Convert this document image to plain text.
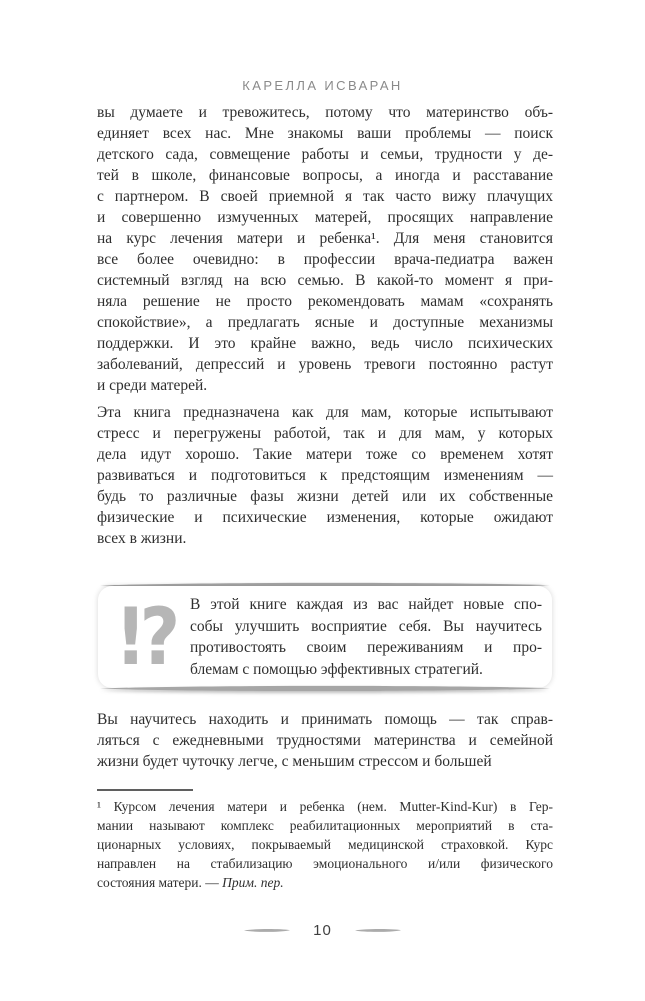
КАРЕЛЛА ИСВАРАН
вы думаете и тревожитесь, потому что материнство объ-
единяет всех нас. Мне знакомы ваши проблемы — поиск
детского сада, совмещение работы и семьи, трудности у де-
тей в школе, финансовые вопросы, а иногда и расставание
с партнером. В своей приемной я так часто вижу плачущих
и совершенно измученных матерей, просящих направление
на курс лечения матери и ребенка¹. Для меня становится
все более очевидно: в профессии врача-педиатра важен
системный взгляд на всю семью. В какой-то момент я при-
няла решение не просто рекомендовать мамам «сохранять
спокойствие», а предлагать ясные и доступные механизмы
поддержки. И это крайне важно, ведь число психических
заболеваний, депрессий и уровень тревоги постоянно растут
и среди матерей.
Эта книга предназначена как для мам, которые испытывают
стресс и перегружены работой, так и для мам, у которых
дела идут хорошо. Такие матери тоже со временем хотят
развиваться и подготовиться к предстоящим изменениям —
будь то различные фазы жизни детей или их собственные
физические и психические изменения, которые ожидают
всех в жизни.
!?	В этой книге каждая из вас найдет новые спо-
собы улучшить восприятие себя. Вы научитесь
противостоять своим переживаниям и про-
блемам с помощью эффективных стратегий.
Вы научитесь находить и принимать помощь — так справ-
ляться с ежедневными трудностями материнства и семейной
жизни будет чуточку легче, с меньшим стрессом и большей
¹ Курсом лечения матери и ребенка (нем. Mutter-Kind-Kur) в Гер-
мании называют комплекс реабилитационных мероприятий в ста-
ционарных условиях, покрываемый медицинской страховкой. Курс
направлен на стабилизацию эмоционального и/или физического
состояния матери. — Прим. пер.
10
